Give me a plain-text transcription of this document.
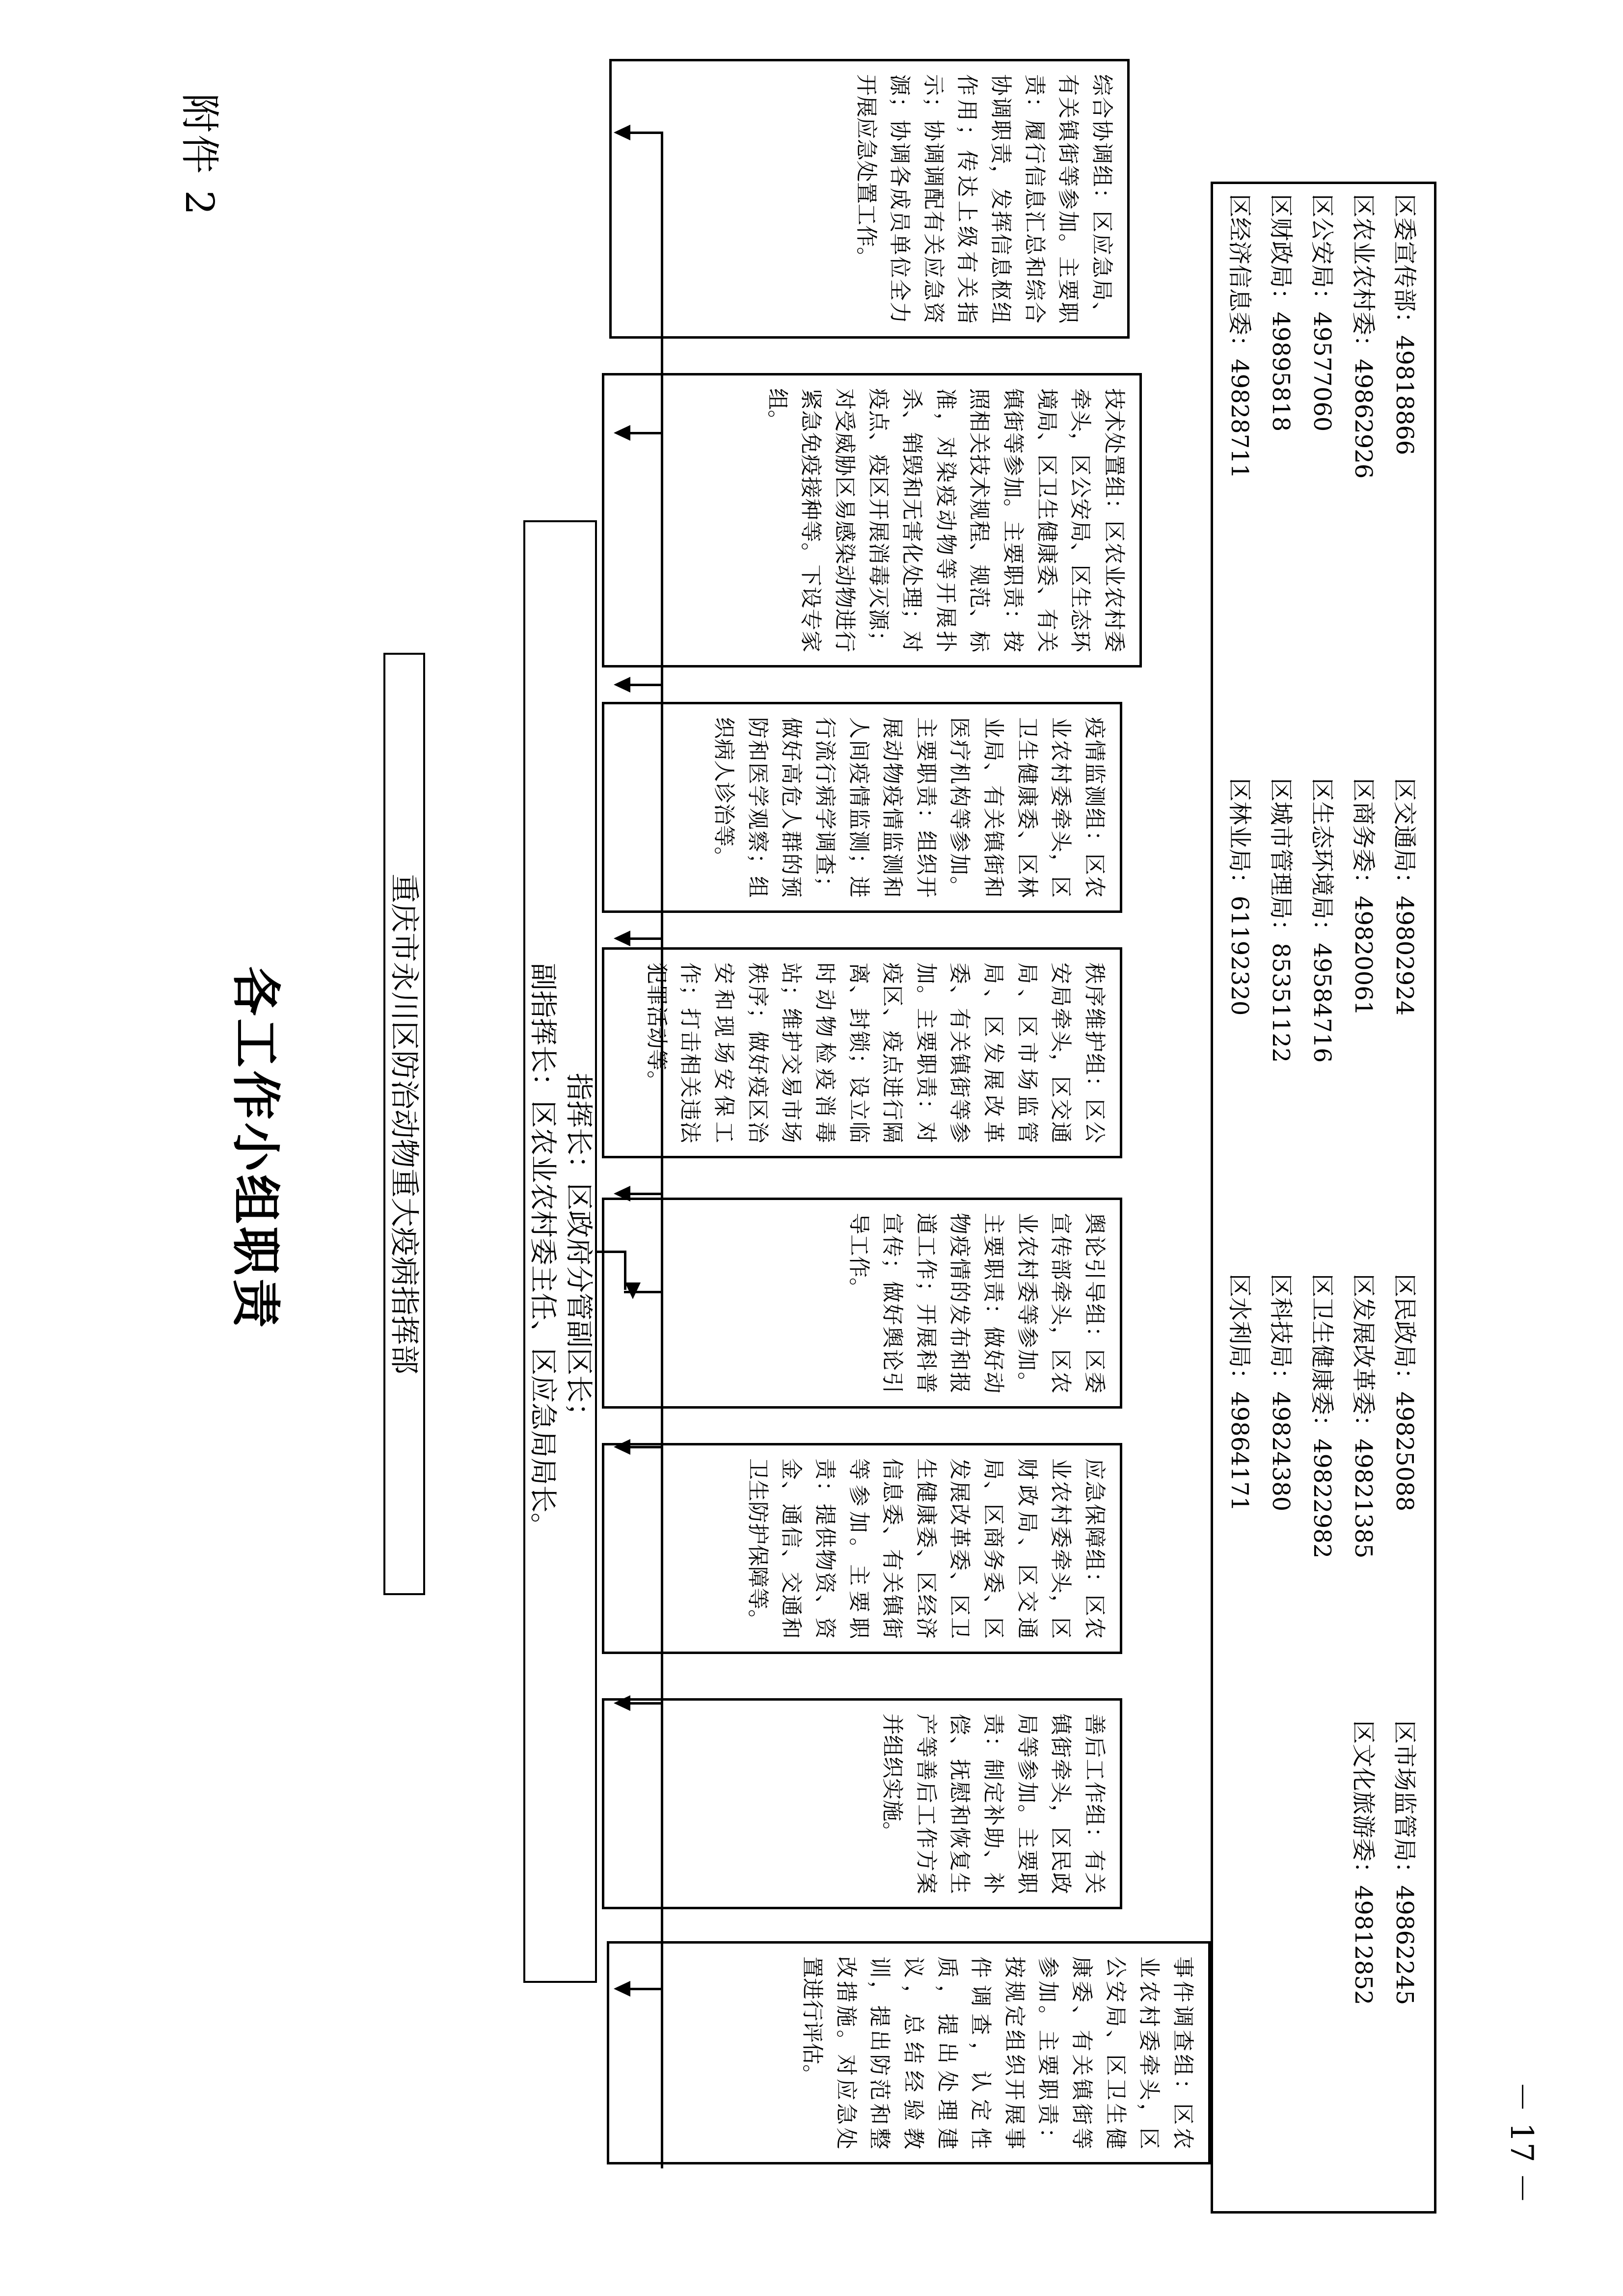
附件 2
－ 17 －
各工作小组职责	重庆市永川区防治动物重大疫病指挥部	指挥长：区政府分管副区长；
副指挥长：区农业农村委主任、区应急局局长。
综合协调组：区应急局、有关镇街等参加。主要职责：履行信息汇总和综合协调职责，发挥信息枢纽作用；传达上级有关指示；协调调配有关应急资源；协调各成员单位全力开展应急处置工作。
技术处置组：区农业农村委牵头，区公安局、区生态环境局、区卫生健康委、有关镇街等参加。主要职责：按照相关技术规程、规范、标准，对染疫动物等开展扑杀、销毁和无害化处理；对疫点、疫区开展消毒灭源；对受威胁区易感染动物进行紧急免疫接种等。下设专家组。
疫情监测组：区农业农村委牵头，区卫生健康委、区林业局、有关镇街和医疗机构等参加。主要职责：组织开展动物疫情监测和人间疫情监测；进行流行病学调查；做好高危人群的预防和医学观察；组织病人诊治等。
秩序维护组：区公安局牵头，区交通局、区市场监管局、区发展改革委、有关镇街等参加。主要职责：对疫区、疫点进行隔离、封锁；设立临时动物检疫消毒站；维护交易市场秩序；做好疫区治安和现场安保工作；打击相关违法犯罪活动等。
舆论引导组：区委宣传部牵头，区农业农村委等参加。主要职责：做好动物疫情的发布和报道工作；开展科普宣传；做好舆论引导工作。
应急保障组：区农业农村委牵头，区财政局、区交通局、区商务委、区发展改革委、区卫生健康委、区经济信息委、有关镇街等参加。主要职责：提供物资、资金、通信、交通和卫生防护保障等。
善后工作组：有关镇街牵头，区民政局等参加。主要职责：制定补助、补偿、抚慰和恢复生产等善后工作方案并组织实施。
事件调查组：区农业农村委牵头，区公安局、区卫生健康委、有关镇街等参加。主要职责：按规定组织开展事件调查，认定性质，提出处理建议，总结经验教训，提出防范和整改措施。对应急处置进行评估。
区委宣传部：49818866
区农业农村委：49862926
区公安局：49577060
区财政局：49895818
区经济信息委：49828711
区交通局：49802924
区商务委：49820061
区生态环境局：49584716
区城市管理局：85351122
区林业局：61192320
区民政局：49825088
区发展改革委：49821385
区卫生健康委：49822982
区科技局：49824380
区水利局：49864171
区市场监管局：49862245
区文化旅游委：49812852
